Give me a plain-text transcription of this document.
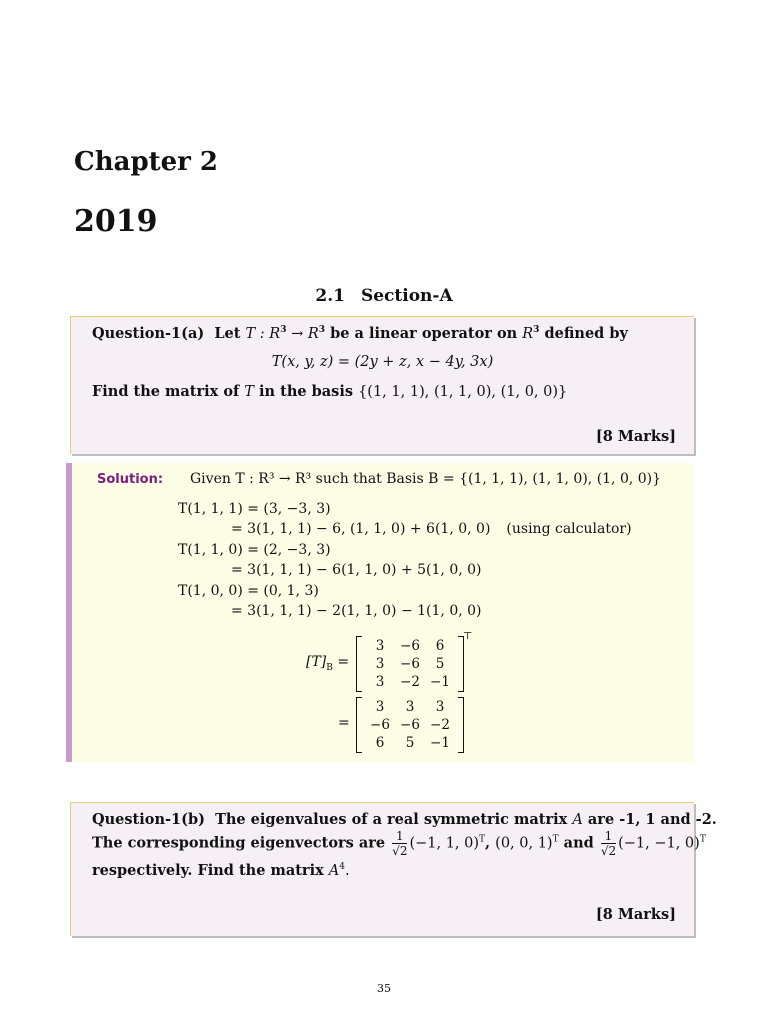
Chapter 2
2019
2.1 Section-A
Question-1(a) Let T : $R^3 \to R^3$ be a linear operator on $R^3$ defined by
T(x, y, z) = (2y + z, x − 4y, 3x)
Find the matrix of T in the basis {(1, 1, 1), (1, 1, 0), (1, 0, 0)}
[8 Marks]
Solution: Given T : R³ → R³ such that Basis B = {(1, 1, 1), (1, 1, 0), (1, 0, 0)}
T(1, 1, 1) = (3, −3, 3)
= 3(1, 1, 1) − 6, (1, 1, 0) + 6(1, 0, 0) (using calculator)
T(1, 1, 0) = (2, −3, 3)
= 3(1, 1, 1) − 6(1, 1, 0) + 5(1, 0, 0)
T(1, 0, 0) = (0, 1, 3)
= 3(1, 1, 1) − 2(1, 1, 0) − 1(1, 0, 0)
$[T]_B$ =
3	−6	6
3	−6	5
3	−2 −1
⊤
=
3	3	3
−6 −6 −2
6	5	−1
Question-1(b) The eigenvalues of a real symmetric matrix A are -1, 1 and -2.
The corresponding eigenvectors are $\frac{1}{√2} (-1$, 1, 0)$^T$, (0, 0, 1)$^T$ and $\frac{1}{√2} (-1$, −1, 0)$^T$
respectively. Find the matrix $A^4$.
[8 Marks]
35
